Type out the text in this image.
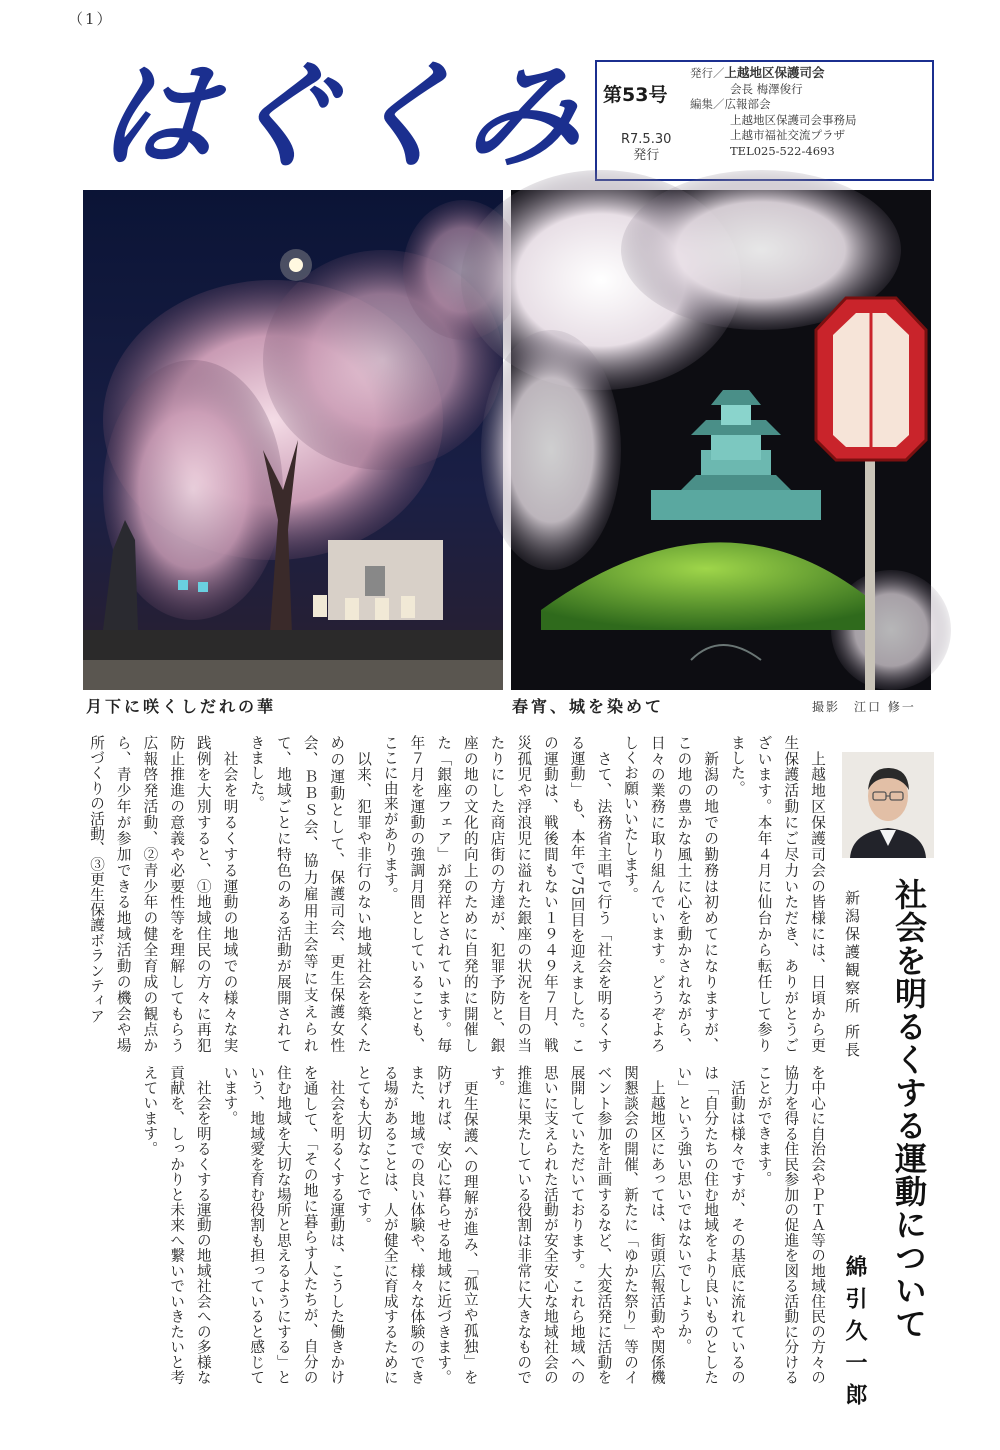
（1）
はぐくみ 第53号
R7.5.30
発行
発行／上越地区保護司会
会長 梅澤俊行
編集／広報部会
上越地区保護司会事務局
上越市福祉交流プラザ
TEL025-522-4693
月下に咲くしだれの華	春宵、城を染めて	撮影　江口 修一
　上越地区保護司会の皆様には、日頃から更生保護活動にご尽力いただき、ありがとうございます。本年４月に仙台から転任して参りました。
　新潟の地での勤務は初めてになりますが、この地の豊かな風土に心を動かされながら、日々の業務に取り組んでいます。どうぞよろしくお願いいたします。
　さて、法務省主唱で行う「社会を明るくする運動」も、本年で75回目を迎えました。この運動は、戦後間もない１９４９年７月、戦災孤児や浮浪児に溢れた銀座の状況を目の当たりにした商店街の方達が、犯罪予防と、銀座の地の文化的向上のために自発的に開催した「銀座フェア」が発祥とされています。毎年７月を運動の強調月間としていることも、ここに由来があります。
　以来、犯罪や非行のない地域社会を築くための運動として、保護司会、更生保護女性会、ＢＢＳ会、協力雇用主会等に支えられて、地域ごとに特色のある活動が展開されてきました。
　社会を明るくする運動の地域での様々な実践例を大別すると、①地域住民の方々に再犯防止推進の意義や必要性等を理解してもらう広報啓発活動、②青少年の健全育成の観点から、青少年が参加できる地域活動の機会や場所づくりの活動、③更生保護ボランティア	社会を明るくする運動について
新潟保護観察所 所長
綿引久一郎
を中心に自治会やＰＴＡ等の地域住民の方々の協力を得る住民参加の促進を図る活動に分けることができます。
　活動は様々ですが、その基底に流れているのは「自分たちの住む地域をより良いものとしたい」という強い思いではないでしょうか。
　上越地区にあっては、街頭広報活動や関係機関懇談会の開催、新たに「ゆかた祭り」等のイベント参加を計画するなど、大変活発に活動を展開していただいております。これら地域への思いに支えられた活動が安全安心な地域社会の推進に果たしている役割は非常に大きなものです。
　更生保護への理解が進み、「孤立や孤独」を防げれば、安心に暮らせる地域に近づきます。また、地域での良い体験や、様々な体験のできる場があることは、人が健全に育成するためにとても大切なことです。
　社会を明るくする運動は、こうした働きかけを通して、「その地に暮らす人たちが、自分の住む地域を大切な場所と思えるようにする」という、地域愛を育む役割も担っていると感じています。
　社会を明るくする運動の地域社会への多様な貢献を、しっかりと未来へ繋いでいきたいと考えています。
